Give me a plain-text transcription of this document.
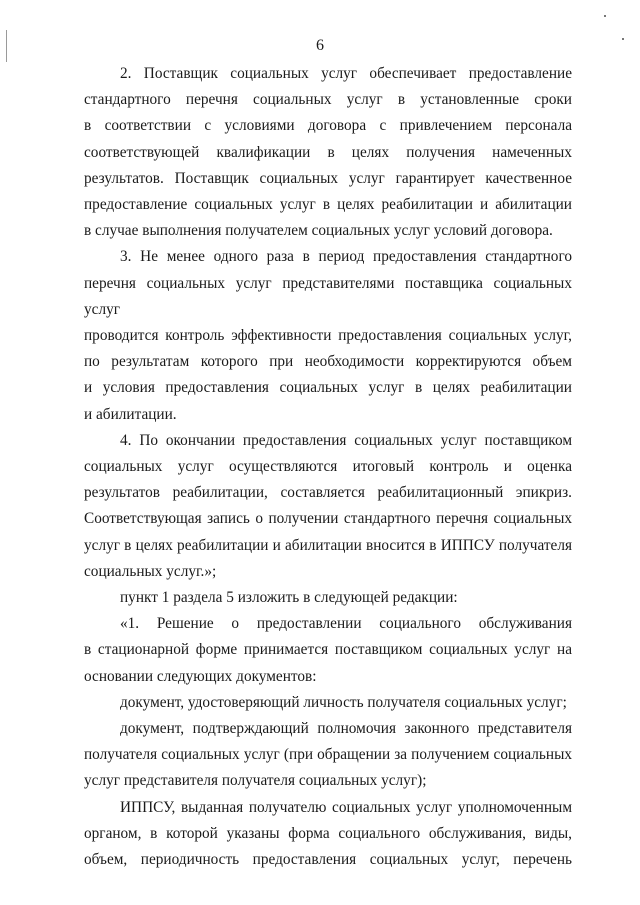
6

2. Поставщик социальных услуг обеспечивает предоставление
стандартного перечня социальных услуг в установленные сроки
в соответствии с условиями договора с привлечением персонала
соответствующей квалификации в целях получения намеченных
результатов. Поставщик социальных услуг гарантирует качественное
предоставление социальных услуг в целях реабилитации и абилитации
в случае выполнения получателем социальных услуг условий договора.

3. Не менее одного раза в период предоставления стандартного
перечня социальных услуг представителями поставщика социальных услуг
проводится контроль эффективности предоставления социальных услуг,
по результатам которого при необходимости корректируются объем
и условия предоставления социальных услуг в целях реабилитации
и абилитации.

4. По окончании предоставления социальных услуг поставщиком
социальных услуг осуществляются итоговый контроль и оценка
результатов реабилитации, составляется реабилитационный эпикриз.
Соответствующая запись о получении стандартного перечня социальных
услуг в целях реабилитации и абилитации вносится в ИППСУ получателя
социальных услуг.»;

пункт 1 раздела 5 изложить в следующей редакции:

«1. Решение о предоставлении социального обслуживания
в стационарной форме принимается поставщиком социальных услуг на
основании следующих документов:

документ, удостоверяющий личность получателя социальных услуг;

документ, подтверждающий полномочия законного представителя
получателя социальных услуг (при обращении за получением социальных
услуг представителя получателя социальных услуг);

ИППСУ, выданная получателю социальных услуг уполномоченным
органом, в которой указаны форма социального обслуживания, виды,
объем, периодичность предоставления социальных услуг, перечень
